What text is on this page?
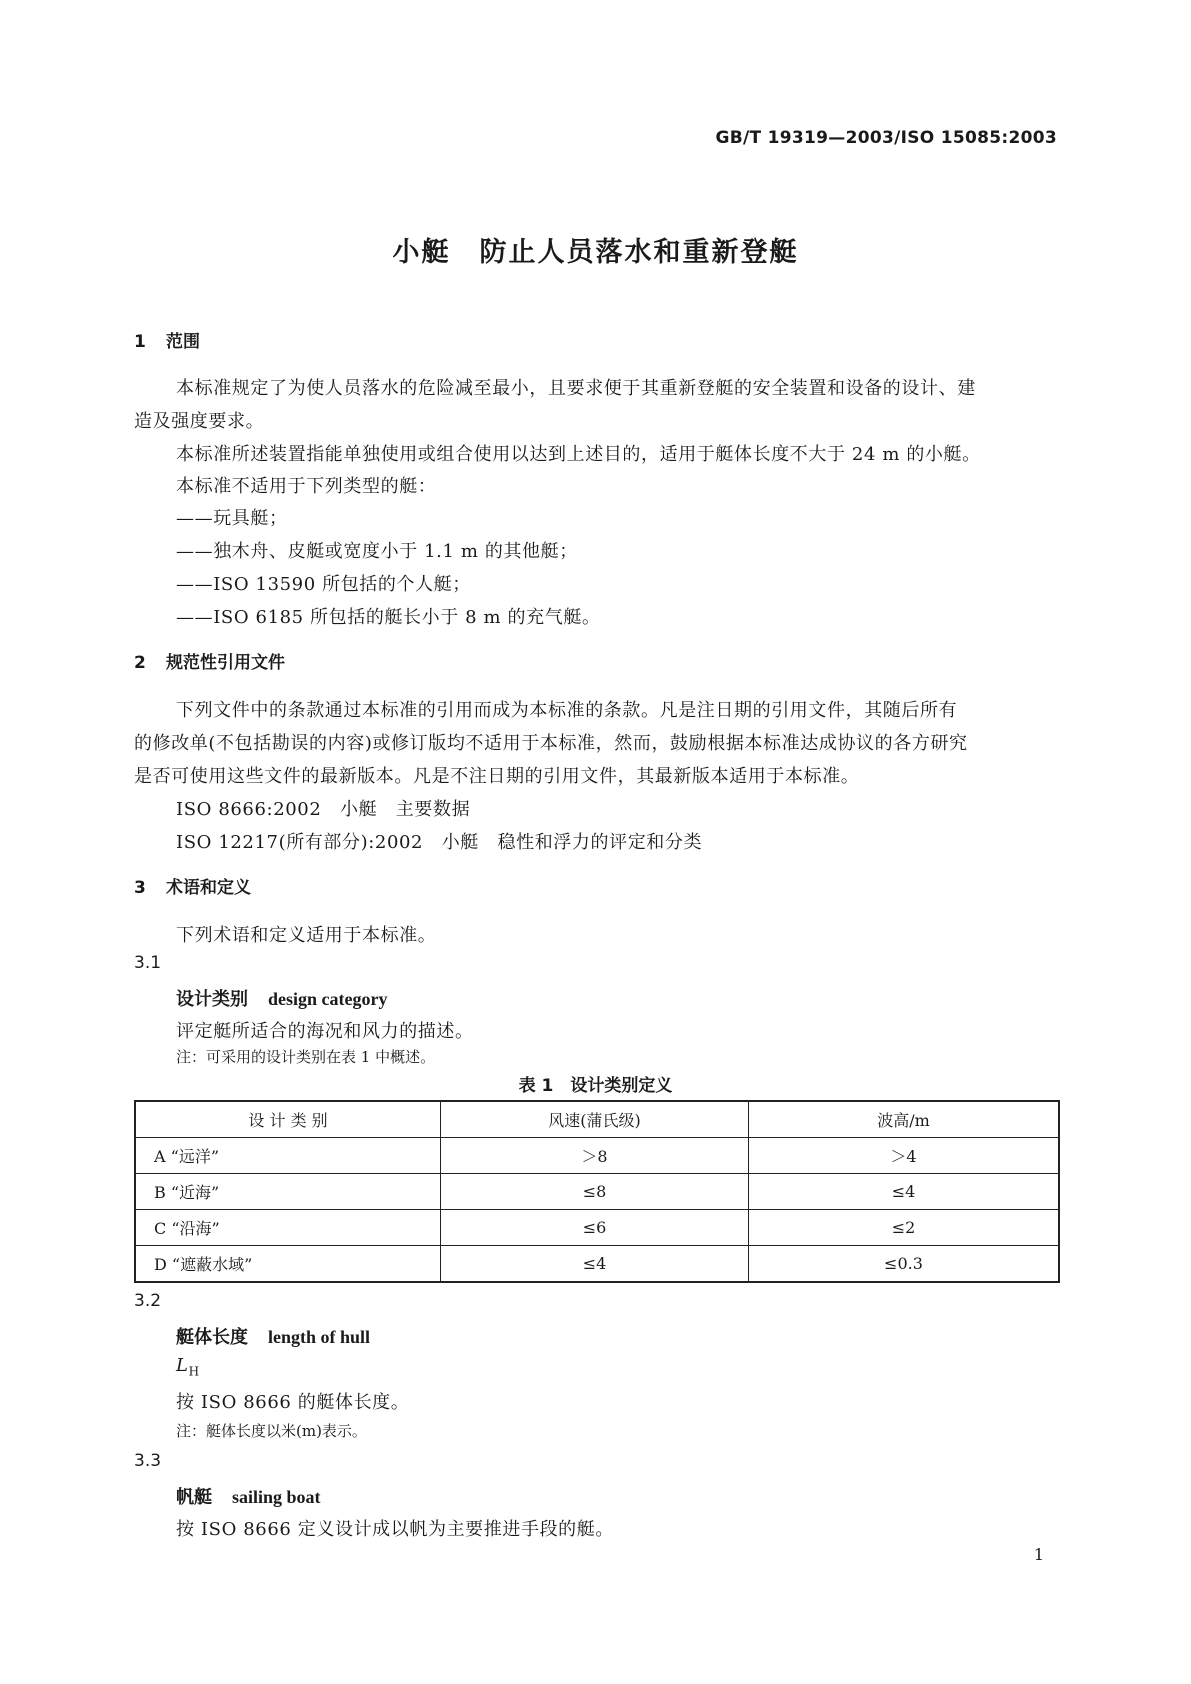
GB/T 19319—2003/ISO 15085:2003
小艇　防止人员落水和重新登艇
1 范围
本标准规定了为使人员落水的危险减至最小，且要求便于其重新登艇的安全装置和设备的设计、建
造及强度要求。
本标准所述装置指能单独使用或组合使用以达到上述目的，适用于艇体长度不大于 24 m 的小艇。
本标准不适用于下列类型的艇：
——玩具艇；
——独木舟、皮艇或宽度小于 1.1 m 的其他艇；
——ISO 13590 所包括的个人艇；
——ISO 6185 所包括的艇长小于 8 m 的充气艇。
2 规范性引用文件
下列文件中的条款通过本标准的引用而成为本标准的条款。凡是注日期的引用文件，其随后所有
的修改单(不包括勘误的内容)或修订版均不适用于本标准，然而，鼓励根据本标准达成协议的各方研究
是否可使用这些文件的最新版本。凡是不注日期的引用文件，其最新版本适用于本标准。
ISO 8666:2002　小艇　主要数据
ISO 12217(所有部分):2002　小艇　稳性和浮力的评定和分类
3 术语和定义
下列术语和定义适用于本标准。
3.1
设计类别 design category
评定艇所适合的海况和风力的描述。
注：可采用的设计类别在表 1 中概述。
表 1　设计类别定义
设 计 类 别	风速(蒲氏级)	波高/m
A “远洋”	＞8	＞4
B “近海”	≤8	≤4
C “沿海”	≤6	≤2
D “遮蔽水域”	≤4	≤0.3
3.2
艇体长度 length of hull
$L_H$
按 ISO 8666 的艇体长度。
注：艇体长度以米(m)表示。
3.3
帆艇 sailing boat
按 ISO 8666 定义设计成以帆为主要推进手段的艇。
1
